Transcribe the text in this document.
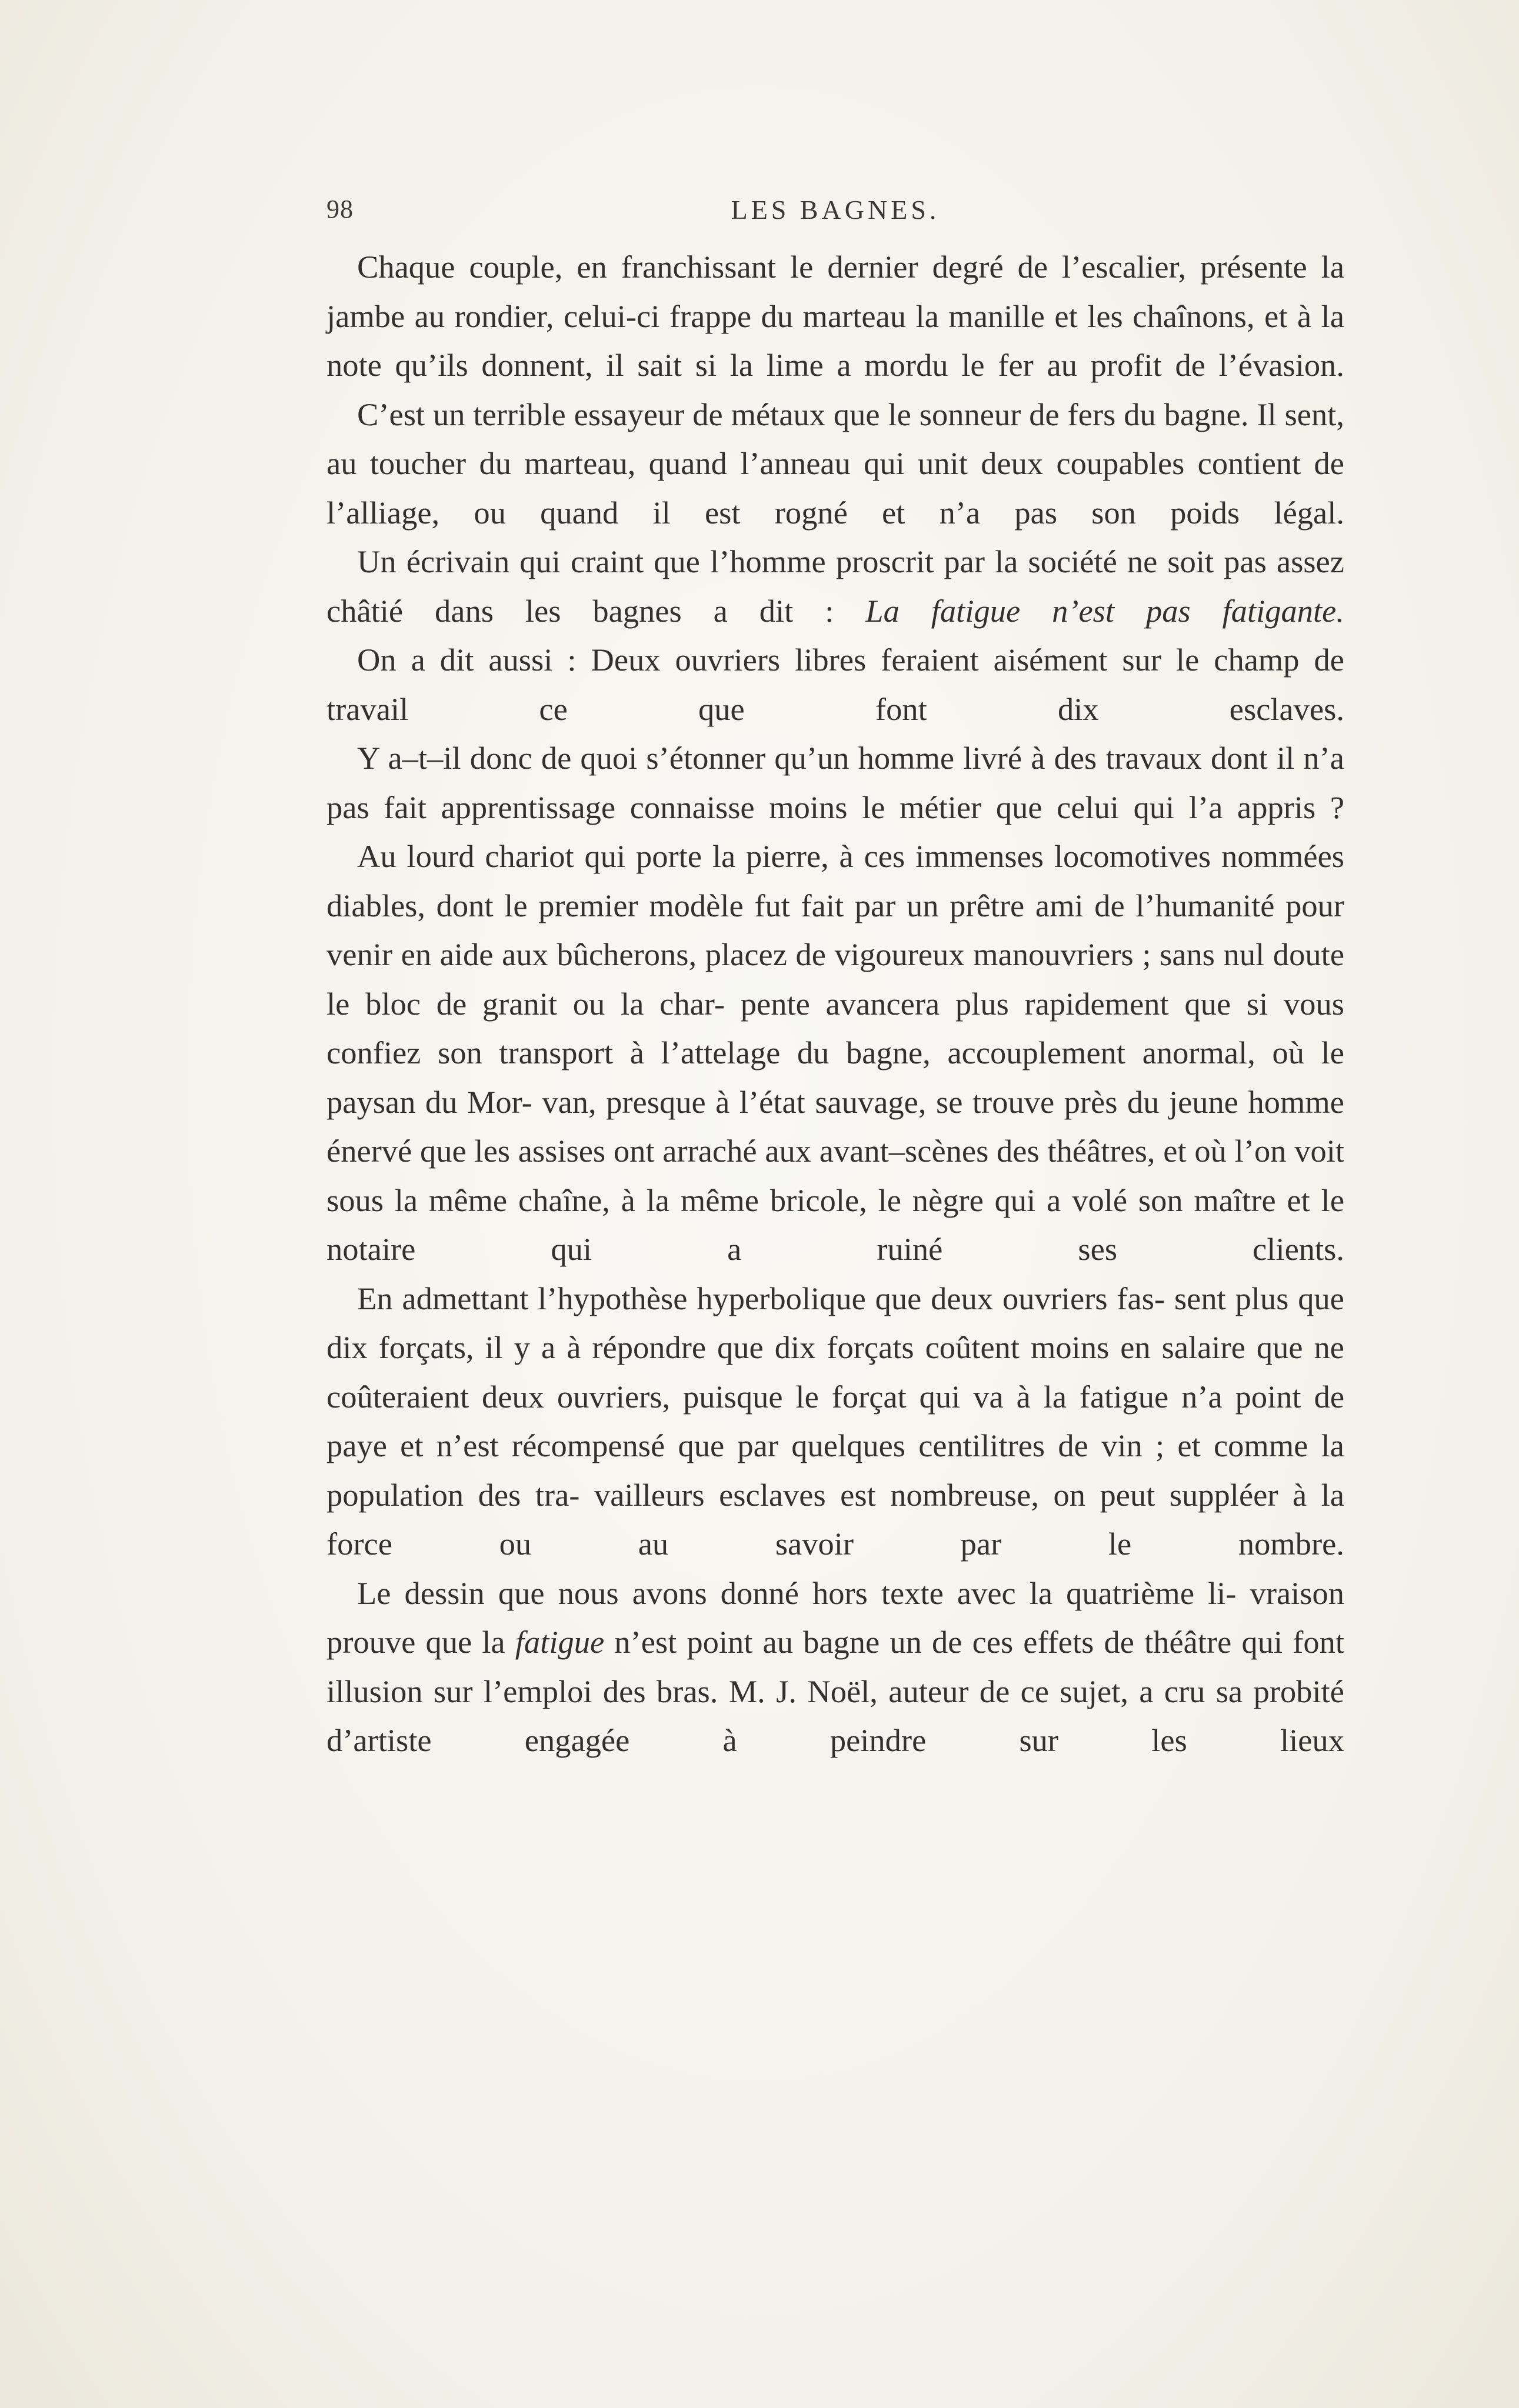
98	LES BAGNES.

Chaque couple, en franchissant le dernier degré de l’escalier, présente la jambe au rondier, celui-ci frappe du marteau la manille et les chaînons, et à la note qu’ils donnent, il sait si la lime a mordu le fer au profit de l’évasion.

C’est un terrible essayeur de métaux que le sonneur de fers du bagne. Il sent, au toucher du marteau, quand l’anneau qui unit deux coupables contient de l’alliage, ou quand il est rogné et n’a pas son poids légal.

Un écrivain qui craint que l’homme proscrit par la société ne soit pas assez châtié dans les bagnes a dit : La fatigue n’est pas fatigante.

On a dit aussi : Deux ouvriers libres feraient aisément sur le champ de travail ce que font dix esclaves.

Y a–t–il donc de quoi s’étonner qu’un homme livré à des travaux dont il n’a pas fait apprentissage connaisse moins le métier que celui qui l’a appris ?

Au lourd chariot qui porte la pierre, à ces immenses locomotives nommées diables, dont le premier modèle fut fait par un prêtre ami de l’humanité pour venir en aide aux bûcherons, placez de vigoureux manouvriers ; sans nul doute le bloc de granit ou la char- pente avancera plus rapidement que si vous confiez son transport à l’attelage du bagne, accouplement anormal, où le paysan du Mor- van, presque à l’état sauvage, se trouve près du jeune homme énervé que les assises ont arraché aux avant–scènes des théâtres, et où l’on voit sous la même chaîne, à la même bricole, le nègre qui a volé son maître et le notaire qui a ruiné ses clients.

En admettant l’hypothèse hyperbolique que deux ouvriers fas- sent plus que dix forçats, il y a à répondre que dix forçats coûtent moins en salaire que ne coûteraient deux ouvriers, puisque le forçat qui va à la fatigue n’a point de paye et n’est récompensé que par quelques centilitres de vin ; et comme la population des tra- vailleurs esclaves est nombreuse, on peut suppléer à la force ou au	savoir par le nombre.

Le dessin que nous avons donné hors texte avec la quatrième li- vraison prouve que la fatigue n’est point au bagne un de ces effets de théâtre qui font illusion sur l’emploi des bras. M. J. Noël, auteur de ce sujet, a cru sa probité d’artiste engagée à peindre sur les lieux
